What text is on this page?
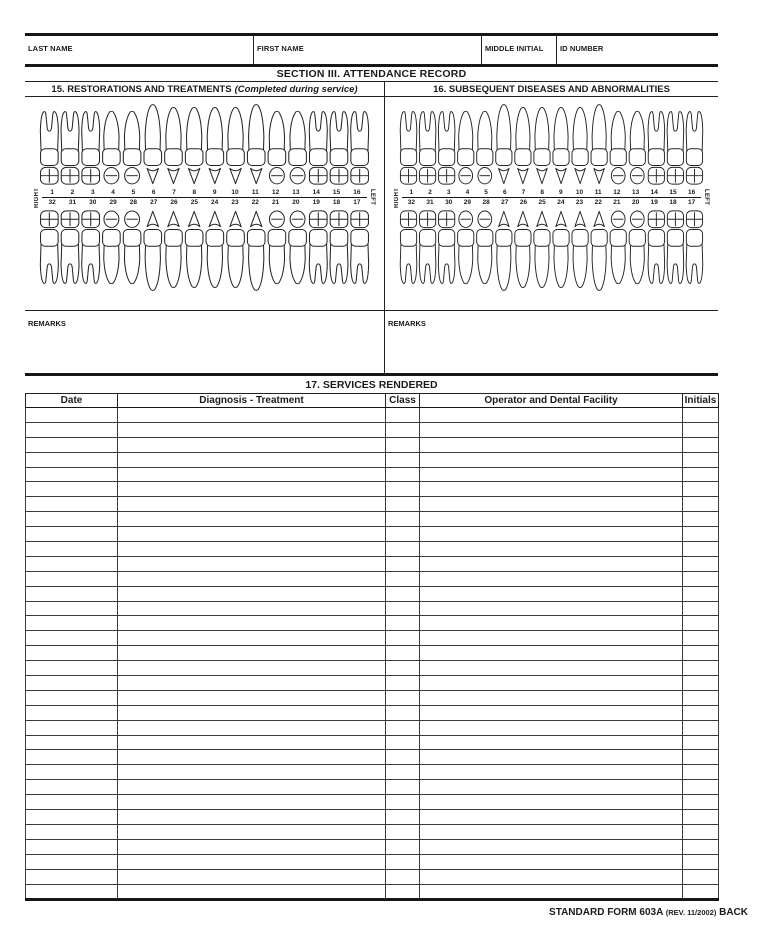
LAST NAME	FIRST NAME	MIDDLE INITIAL	ID NUMBER
SECTION III. ATTENDANCE RECORD
15. RESTORATIONS AND TREATMENTS (Completed during service)
RIGHT	1	2	3	4	5	6	7	8	9	10	11	12	13	14	15	16
32	31	30	29	28	27	26	25	24	23	22	21	20	19	18	17	LEFT
REMARKS
16. SUBSEQUENT DISEASES AND ABNORMALITIES
RIGHT	1	2	3	4	5	6	7	8	9	10	11	12	13	14	15	16
32	31	30	29	28	27	26	25	24	23	22	21	20	19	18	17	LEFT
REMARKS
17. SERVICES RENDERED
Date	Diagnosis - Treatment	Class	Operator and Dental Facility	Initials

STANDARD FORM 603A (REV. 11/2002) BACK
